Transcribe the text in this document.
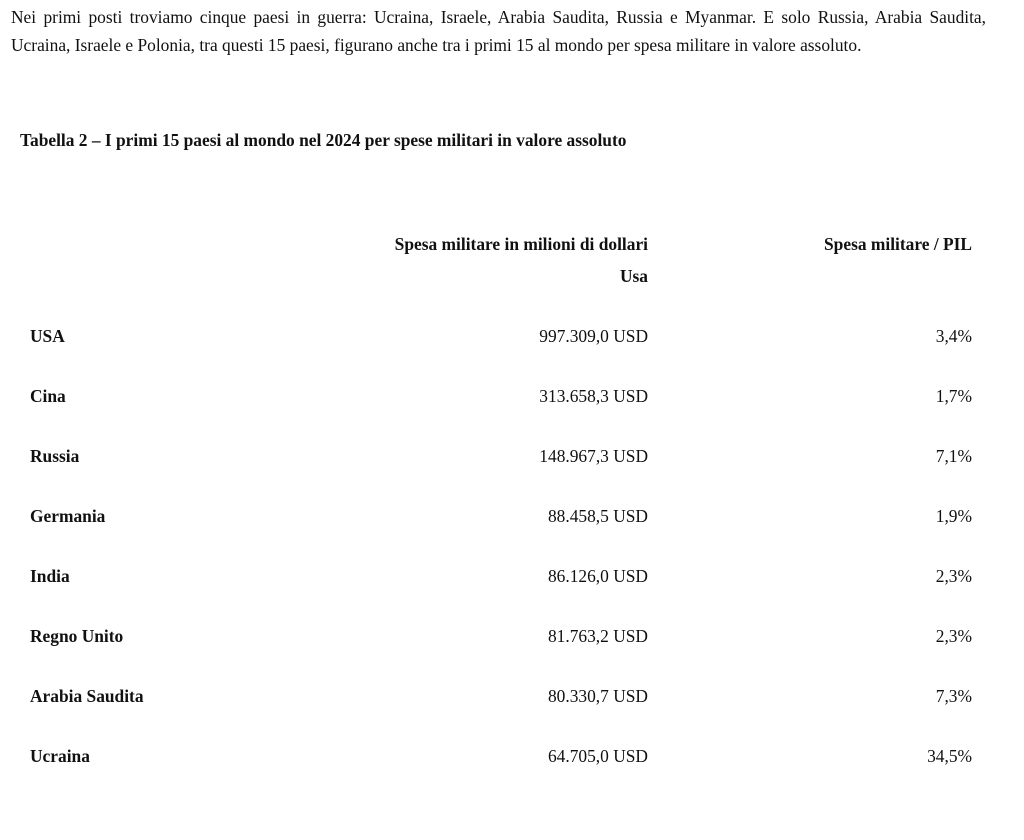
Nei primi posti troviamo cinque paesi in guerra: Ucraina, Israele, Arabia Saudita, Russia e Myanmar. E solo Russia, Arabia Saudita, Ucraina, Israele e Polonia, tra questi 15 paesi, figurano anche tra i primi 15 al mondo per spesa militare in valore assoluto.

Tabella 2 – I primi 15 paesi al mondo nel 2024 per spese militari in valore assoluto

	Spesa militare in milioni di dollari Usa	Spesa militare / PIL
USA	997.309,0 USD	3,4%
Cina	313.658,3 USD	1,7%
Russia	148.967,3 USD	7,1%
Germania	88.458,5 USD	1,9%
India	86.126,0 USD	2,3%
Regno Unito	81.763,2 USD	2,3%
Arabia Saudita	80.330,7 USD	7,3%
Ucraina	64.705,0 USD	34,5%
